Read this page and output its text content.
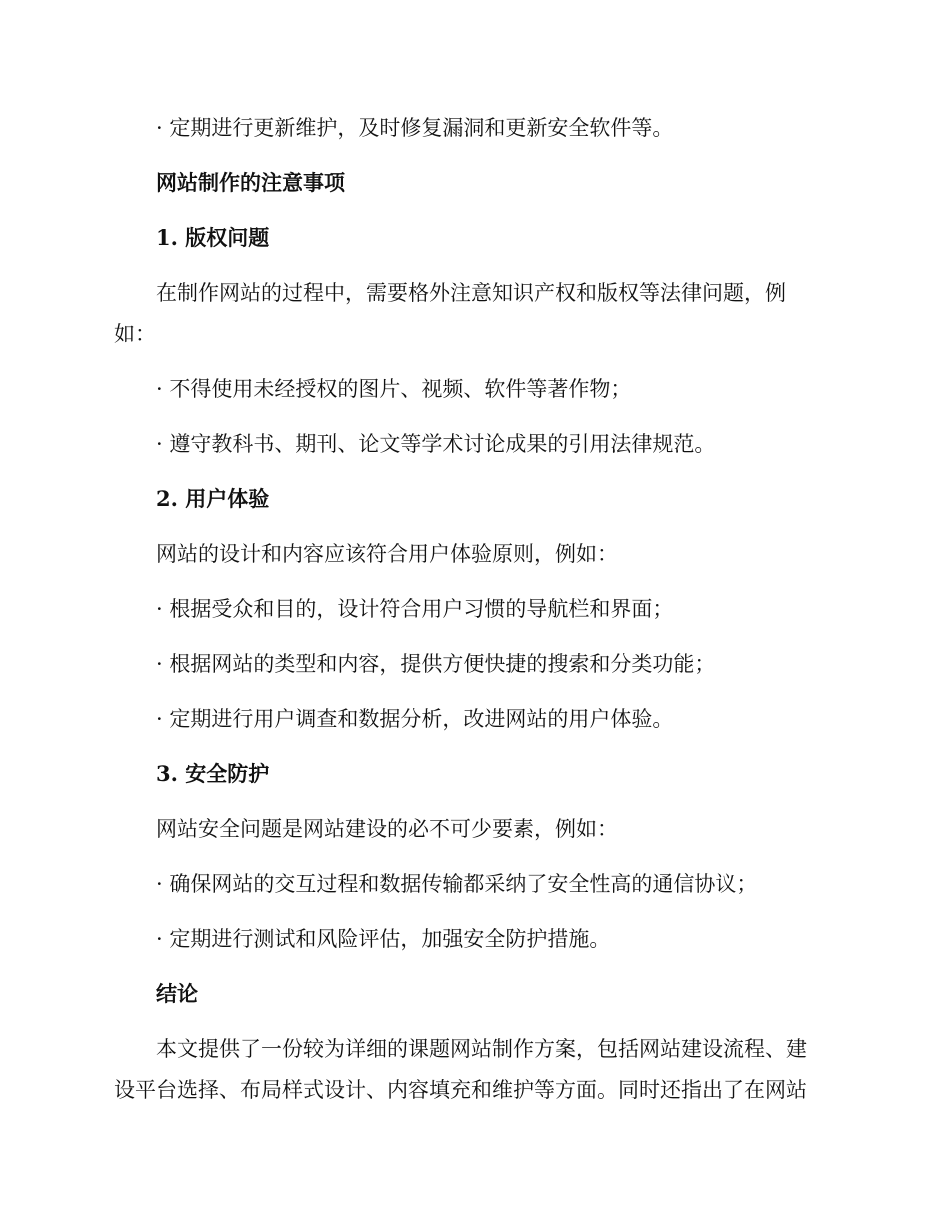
· 定期进行更新维护，及时修复漏洞和更新安全软件等。
网站制作的注意事项
1. 版权问题
在制作网站的过程中，需要格外注意知识产权和版权等法律问题，例
如：
· 不得使用未经授权的图片、视频、软件等著作物；
· 遵守教科书、期刊、论文等学术讨论成果的引用法律规范。
2. 用户体验
网站的设计和内容应该符合用户体验原则，例如：
· 根据受众和目的，设计符合用户习惯的导航栏和界面；
· 根据网站的类型和内容，提供方便快捷的搜索和分类功能；
· 定期进行用户调查和数据分析，改进网站的用户体验。
3. 安全防护
网站安全问题是网站建设的必不可少要素，例如：
· 确保网站的交互过程和数据传输都采纳了安全性高的通信协议；
· 定期进行测试和风险评估，加强安全防护措施。
结论
本文提供了一份较为详细的课题网站制作方案，包括网站建设流程、建
设平台选择、布局样式设计、内容填充和维护等方面。同时还指出了在网站
